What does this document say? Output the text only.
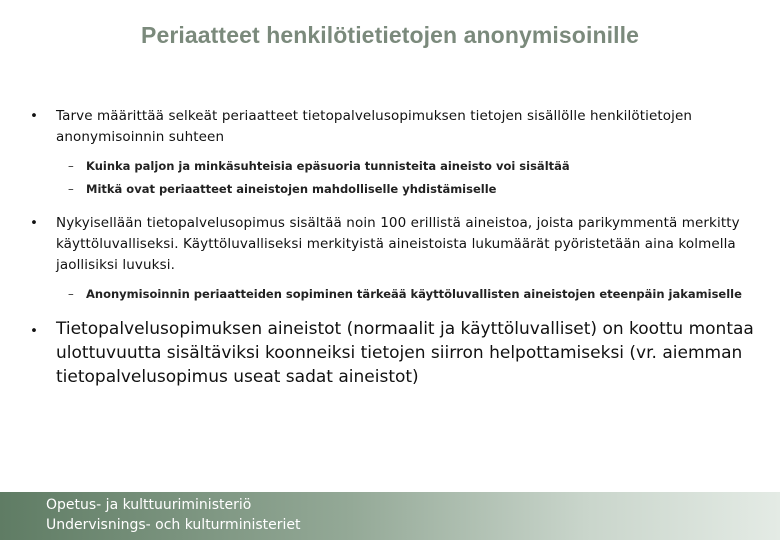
Periaatteet henkilötietietojen anonymisoinille
• Tarve määrittää selkeät periaatteet tietopalvelusopimuksen tietojen sisällölle henkilötietojen anonymisoinnin suhteen
– Kuinka paljon ja minkäsuhteisia epäsuoria tunnisteita aineisto voi sisältää
– Mitkä ovat periaatteet aineistojen mahdolliselle yhdistämiselle
• Nykyisellään tietopalvelusopimus sisältää noin 100 erillistä aineistoa, joista parikymmentä merkitty käyttöluvalliseksi. Käyttöluvalliseksi merkityistä aineistoista lukumäärät pyöristetään aina kolmella jaollisiksi luvuksi.
– Anonymisoinnin periaatteiden sopiminen tärkeää käyttöluvallisten aineistojen eteenpäin jakamiselle
• Tietopalvelusopimuksen aineistot (normaalit ja käyttöluvalliset) on koottu montaa ulottuvuutta sisältäviksi koonneiksi tietojen siirron helpottamiseksi (vr. aiemman tietopalvelusopimus useat sadat aineistot)
Opetus- ja kulttuuriministeriö
Undervisnings- och kulturministeriet
